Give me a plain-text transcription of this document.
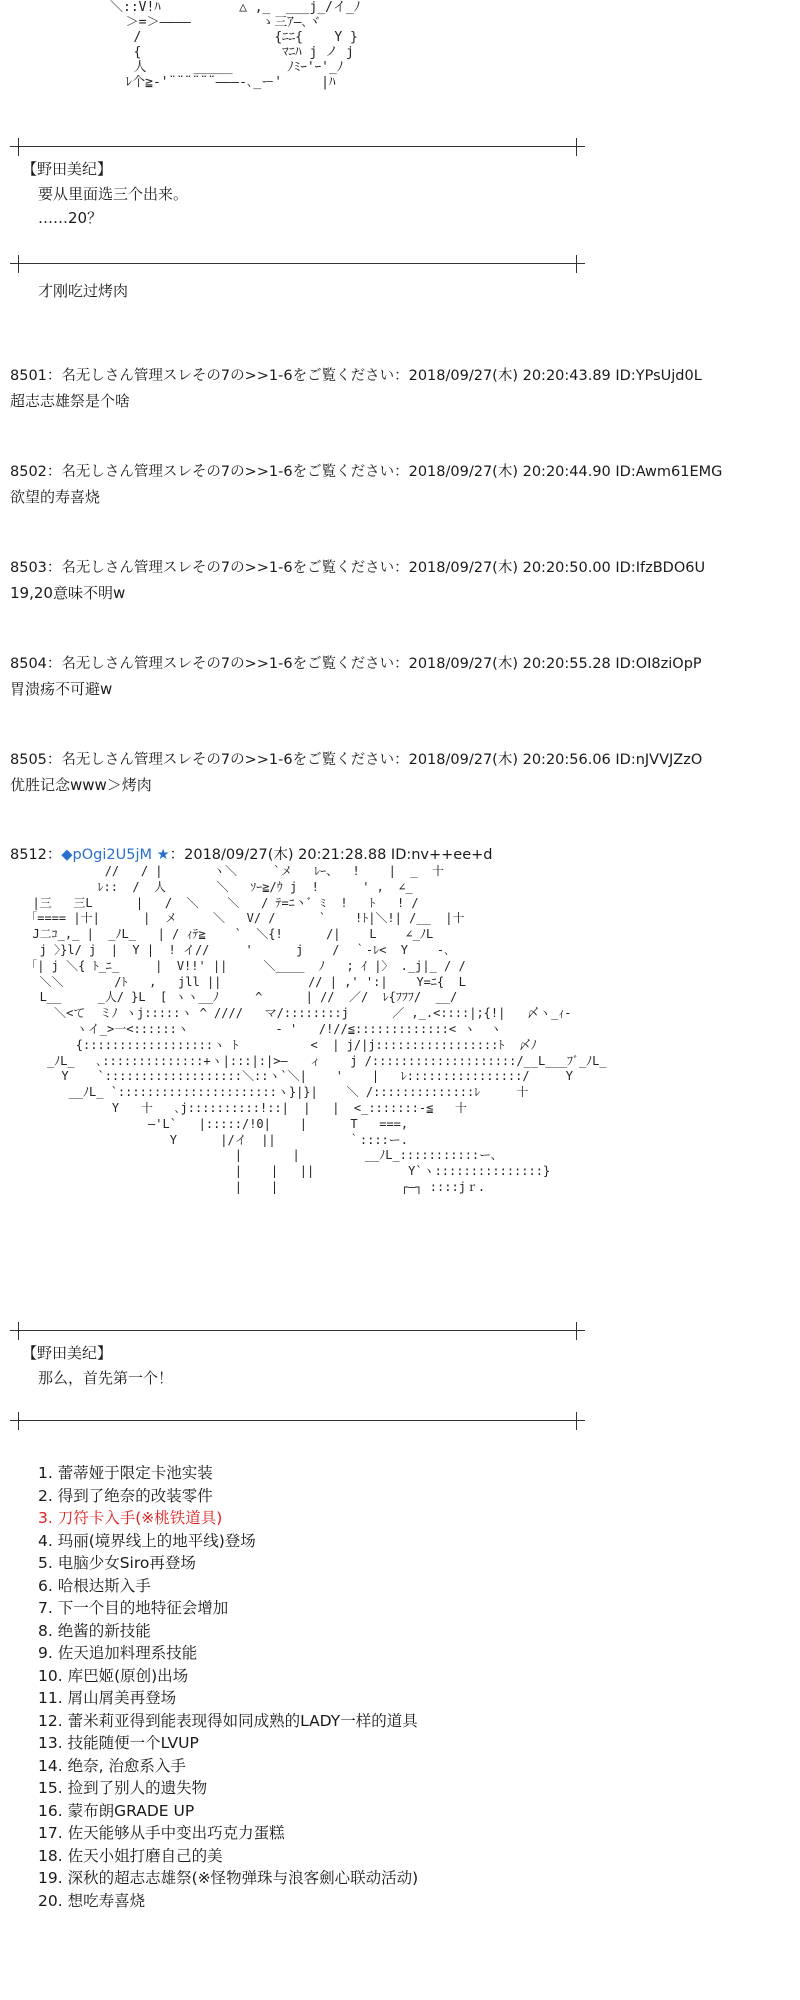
＼::V!ﾊ          △ ,_  ___j_/イ_ﾉ
＞=＞――――         ゝ三ｱ―､ヾ
/                 {ﾆﾆ{    Y }
{                  ﾏﾆﾊ j ノ j
人      _____       ﾉﾐｰ'ｰ'_ﾉ
ﾚ个≧-'¨¨¨¨¨¨―――‐､_ー'     |ﾊ
【野田美纪】
要从里面选三个出来。
……20？
才刚吃过烤肉
8501：名无しさん管理スレその7の>>1-6をご覧ください：2018/09/27(木) 20:20:43.89 ID:YPsUjd0L
超志志雄祭是个啥
8502：名无しさん管理スレその7の>>1-6をご覧ください：2018/09/27(木) 20:20:44.90 ID:Awm61EMG
欲望的寿喜烧
8503：名无しさん管理スレその7の>>1-6をご覧ください：2018/09/27(木) 20:20:50.00 ID:IfzBDO6U
19,20意味不明w
8504：名无しさん管理スレその7の>>1-6をご覧ください：2018/09/27(木) 20:20:55.28 ID:OI8ziOpP
胃溃疡不可避w
8505：名无しさん管理スレその7の>>1-6をご覧ください：2018/09/27(木) 20:20:56.06 ID:nJVVJZzO
优胜记念www＞烤肉
8512：◆pOgi2U5jM ★：2018/09/27(木) 20:21:28.88 ID:nv++ee+d
//   / |       ヽ＼     `メ   ﾚｰ、  !    |  _  十
ﾚ::  /  人       ＼   ｿｰ≧/ｳ j  !      ' ,  ∠_
|三   三L      |   /  ＼    ＼   / ﾃ=ﾆ丶ﾞ ﾐ  !   ﾄ   ! /
「==== |十|      |  メ     ＼   V/ /      `    !ﾄ|＼!| /__  |十
J二ｺ_,_ |  _ﾉL_   | / ｨﾃ≧    `  ＼{!      /|    L    ∠_ﾉL
j 〉}l/ j  |  Y |  ! イ//     '      j    /  ｀-ﾚ<  Y    -､
「| j ＼{ ﾄ_ﾆ_     |  V!!' ||     ＼____  ﾉ   ; ｲ |〉 ._j|_ / /
＼＼       /ﾄ   ,   jll ||            // | ,' ':|    Y=ﾆ{  L
L__     _人/ }L  [ ヽヽ__ﾉ     ^      | //  ／/  ﾚ{ﾌﾌﾌ/  __/
＼<て  ミﾉ ヽj:::::ヽ ^ ////   マ/::::::::j      ／ ,_.<::::|;{!|   〆ヽ_ｨ‐
ヽイ_>一<::::::ヽ            - '   /!//≦:::::::::::::< ヽ  ヽ
{::::::::::::::::::ヽ ﾄ          <  | j/|j:::::::::::::::::ﾄ  〆ﾉ
_ﾉL_   ､::::::::::::::+ヽ|:::|:|>―   ィ    j /::::::::::::::::::::/__L___ﾌﾞ_ﾉL_
Y    `:::::::::::::::::::＼::ヽ`＼|    '    |   ﾚ::::::::::::::::/     Y
__ﾉL_ `::::::::::::::::::::::ヽ}|}|    ＼ /::::::::::::::ﾚ     十
Y   十   ､j::::::::::!::|  |   |  <_:::::::-≦   十
―'L`   |:::::/!0|    |      T   ===,
Y      |/イ  ||          ｀::::ー.
|       |         __ﾉL_:::::::::::ー、
|    |   ||             Y`ヽ:::::::::::::::}
|    |                 ┌―┐ ::::jｒ.
【野田美纪】
那么，首先第一个！
1. 蕾蒂娅于限定卡池实装
2. 得到了绝奈的改装零件
3. 刀符卡入手(※桃铁道具)
4. 玛丽(境界线上的地平线)登场
5. 电脑少女Siro再登场
6. 哈根达斯入手
7. 下一个目的地特征会增加
8. 绝酱的新技能
9. 佐天追加料理系技能
10. 库巴姬(原创)出场
11. 屑山屑美再登场
12. 蕾米莉亚得到能表现得如同成熟的LADY一样的道具
13. 技能随便一个LVUP
14. 绝奈, 治愈系入手
15. 捡到了别人的遗失物
16. 蒙布朗GRADE UP
17. 佐天能够从手中变出巧克力蛋糕
18. 佐天小姐打磨自己的美
19. 深秋的超志志雄祭(※怪物弹珠与浪客劍心联动活动)
20. 想吃寿喜烧
